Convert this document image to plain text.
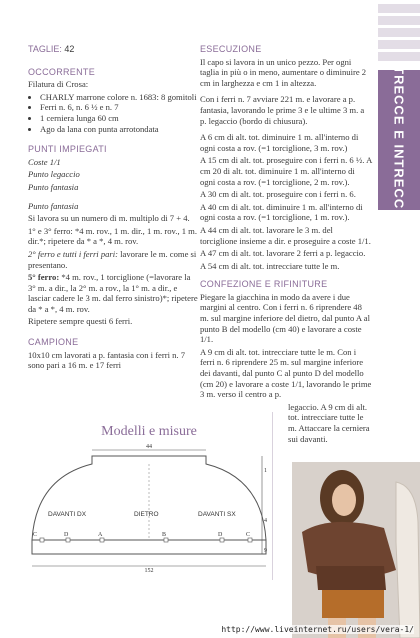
TRECCE E INTRECCI
TAGLIE: 42
OCCORRENTE

Filatura di Crosa:

• CHARLY marrone colore n. 1683: 8 gomitoli
• Ferri n. 6, n. 6 ½ e n. 7
• 1 cerniera lunga 60 cm
• Ago da lana con punta arrotondata
PUNTI IMPIEGATI

Coste 1/1

Punto legaccio

Punto fantasia

Punto fantasia

Si lavora su un numero di m. multiplo di 7 + 4.

1° e 3° ferro: *4 m. rov., 1 m. dir., 1 m. rov., 1 m. dir.*; ripetere da * a *, 4 m. rov.

2° ferro e tutti i ferri pari: lavorare le m. come si presentano.

5° ferro: *4 m. rov., 1 torciglione (=lavorare la 3° m. a dir., la 2° m. a rov., la 1° m. a dir., e lasciar cadere le 3 m. dal ferro sinistro)*; ripetere da * a *, 4 m. rov.

Ripetere sempre questi 6 ferri.

CAMPIONE

10x10 cm lavorati a p. fantasia con i ferri n. 7 sono pari a 16 m. e 17 ferri

ESECUZIONE

Il capo si lavora in un unico pezzo. Per ogni taglia in più o in meno, aumentare o diminuire 2 cm in larghezza e cm 1 in altezza.

Con i ferri n. 7 avviare 221 m. e lavorare a p. fantasia, lavorando le prime 3 e le ultime 3 m. a p. legaccio (bordo di chiusura).

A 6 cm di alt. tot. diminuire 1 m. all'interno di ogni costa a rov. (=1 torciglione, 3 m. rov.)

A 15 cm di alt. tot. proseguire con i ferri n. 6 ½. A cm 20 di alt. tot. diminuire 1 m. all'interno di ogni costa a rov. (=1 torciglione, 2 m. rov.).

A 30 cm di alt. tot. proseguire con i ferri n. 6.

A 40 cm di alt. tot. diminuire 1 m. all'interno di ogni costa a rov. (=1 torciglione, 1 m. rov.).

A 44 cm di alt. tot. lavorare le 3 m. del torciglione insieme a dir. e proseguire a coste 1/1.

A 47 cm di alt. tot. lavorare 2 ferri a p. legaccio.

A 54 cm di alt. tot. intrecciare tutte le m.

CONFEZIONE E RIFINITURE

Piegare la giacchina in modo da avere i due margini al centro. Con i ferri n. 6 riprendere 48 m. sul margine inferiore del dietro, dal punto A al punto B del modello (cm 40) e lavorare a coste 1/1.

A 9 cm di alt. tot. intrecciare tutte le m. Con i ferri n. 6 riprendere 25 m. sul margine inferiore dei davanti, dal punto C al punto D del modello (cm 20) e lavorare a coste 1/1, lavorando le prime 3 m. verso il centro a p.

legaccio. A 9 cm di alt. tot. intrecciare tutte le m. Attaccare la cerniera sui davanti.

Modelli e misure
44
152
1
4
9
DAVANTI DX	DIETRO	DAVANTI SX
C	D	A	B	D	C
http://www.liveinternet.ru/users/vera-1/
